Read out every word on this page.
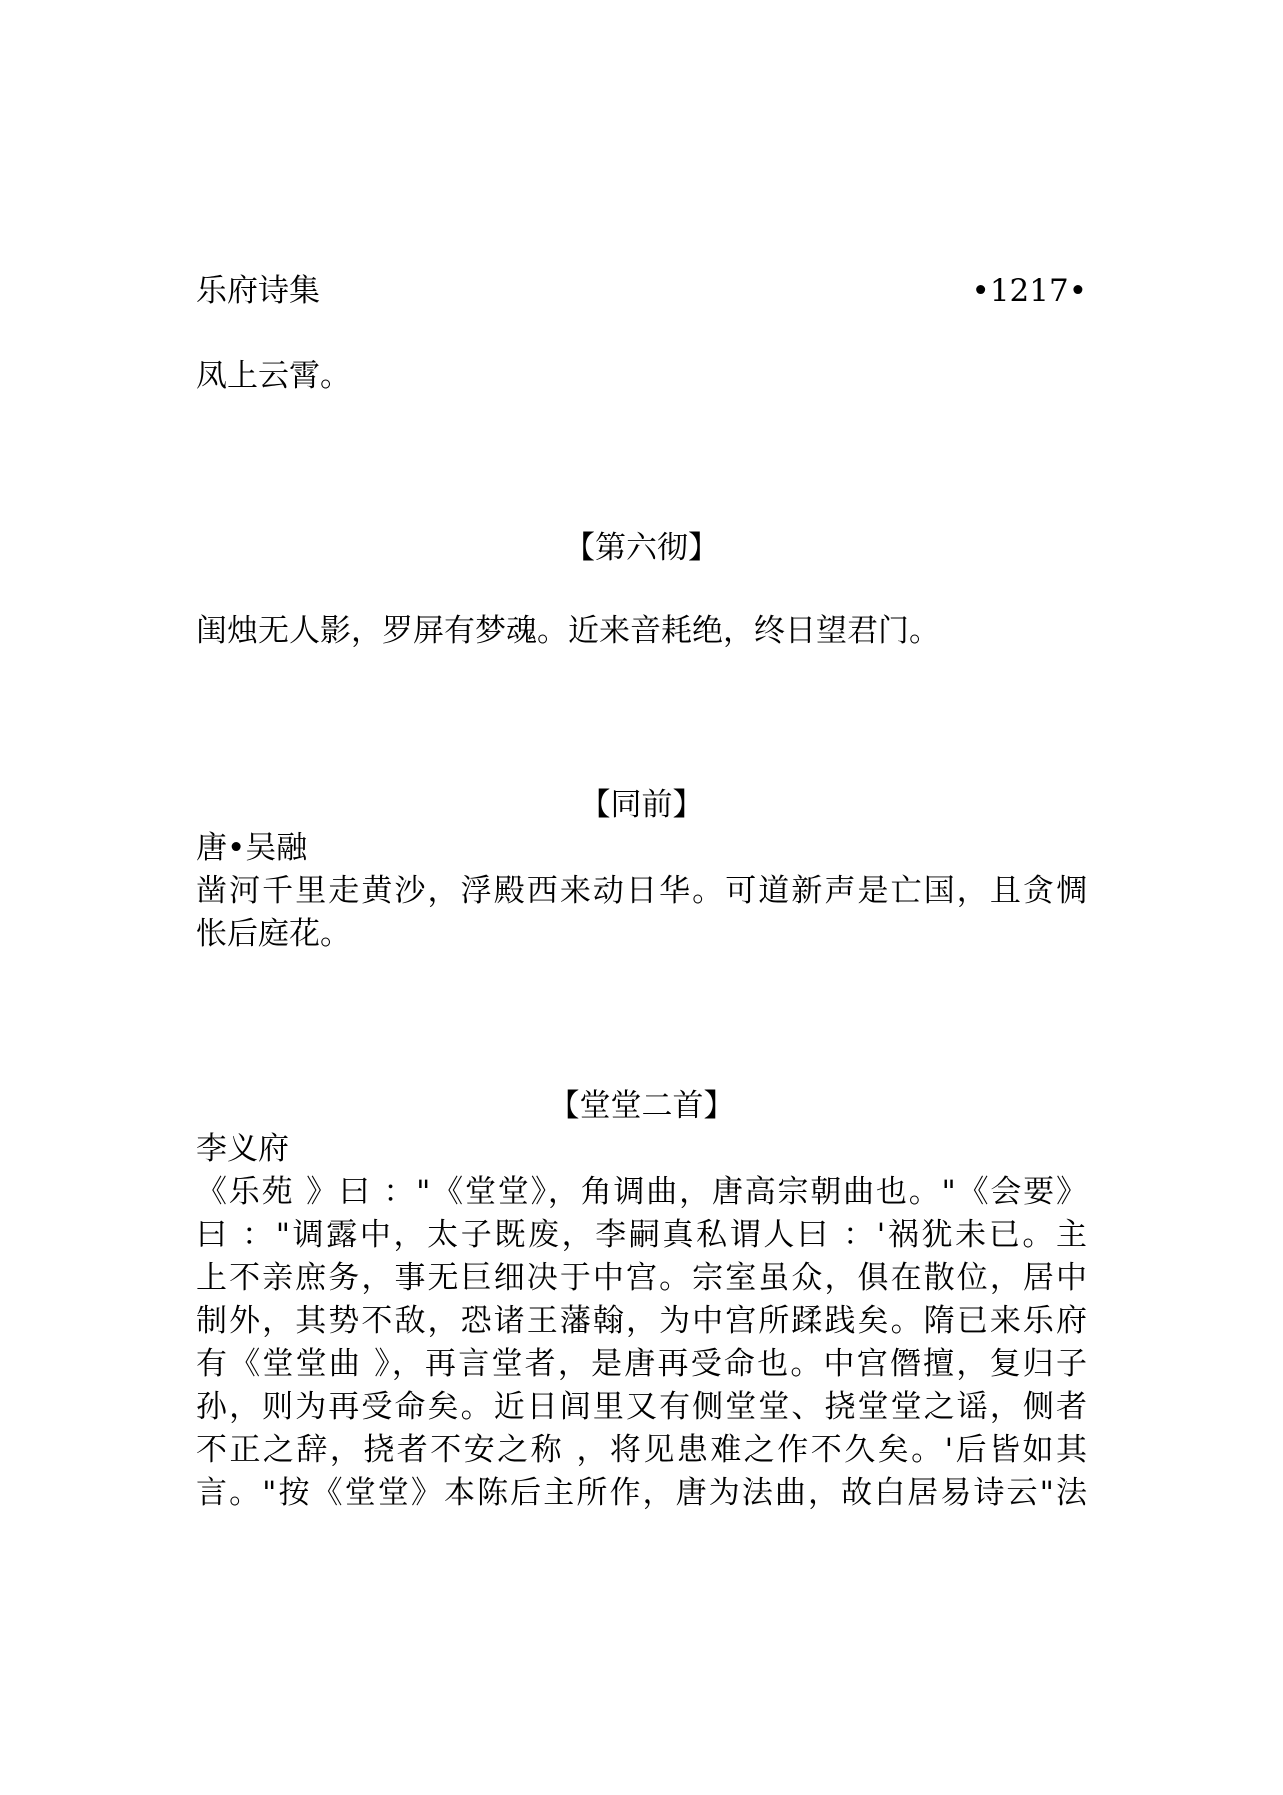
乐府诗集	•1217•
凤上云霄。
【第六彻】
闺烛无人影，罗屏有梦魂。近来音耗绝，终日望君门。
【同前】
唐•吴融
凿河千里走黄沙，浮殿西来动日华。可道新声是亡国，且贪惆
怅后庭花。
【堂堂二首】
李义府
《乐苑 》曰 ："《堂堂》，角调曲，唐高宗朝曲也。"《会要》
曰 ："调露中，太子既废，李嗣真私谓人曰 ：'祸犹未已。主
上不亲庶务，事无巨细决于中宫。宗室虽众，俱在散位，居中
制外，其势不敌，恐诸王藩翰，为中宫所蹂践矣。隋已来乐府
有《堂堂曲 》，再言堂者，是唐再受命也。中宫僭擅，复归子
孙，则为再受命矣。近日闾里又有侧堂堂、挠堂堂之谣，侧者
不正之辞，挠者不安之称 ，将见患难之作不久矣。'后皆如其
言。"按《堂堂》本陈后主所作，唐为法曲，故白居易诗云"法
